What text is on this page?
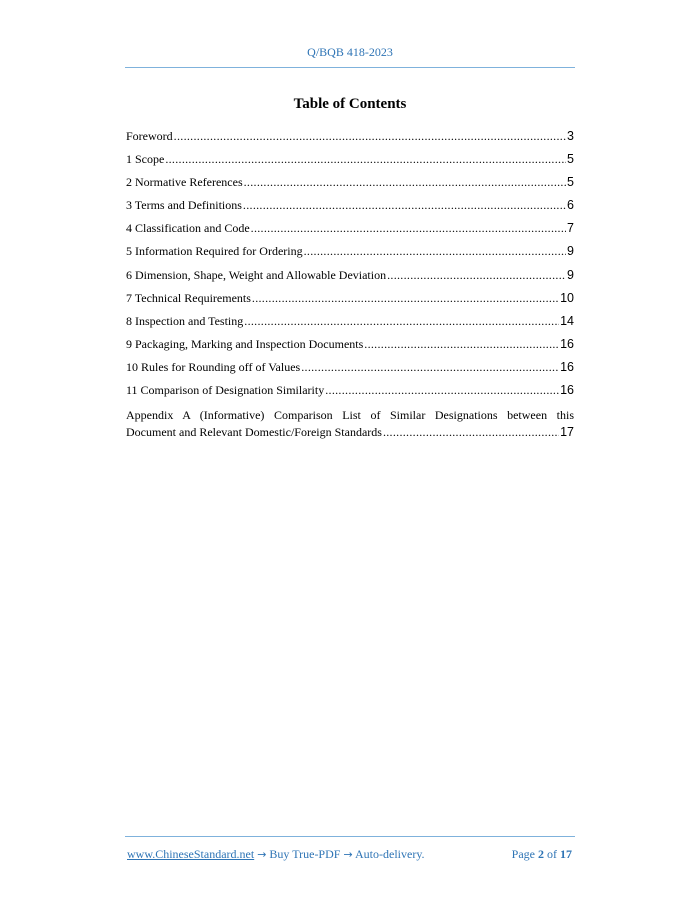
Q/BQB 418-2023
Table of Contents
Foreword .....	3
1 Scope .....	5
2 Normative References .....	5
3 Terms and Definitions .....	6
4 Classification and Code .....	7
5 Information Required for Ordering .....	9
6 Dimension, Shape, Weight and Allowable Deviation .....	9
7 Technical Requirements .....	10
8 Inspection and Testing .....	14
9 Packaging, Marking and Inspection Documents .....	16
10 Rules for Rounding off of Values .....	16
11 Comparison of Designation Similarity .....	16
Appendix A (Informative) Comparison List of Similar Designations between this
Document and Relevant Domestic/Foreign Standards .....	17
www.ChineseStandard.net → Buy True-PDF → Auto-delivery.	Page 2 of 17
